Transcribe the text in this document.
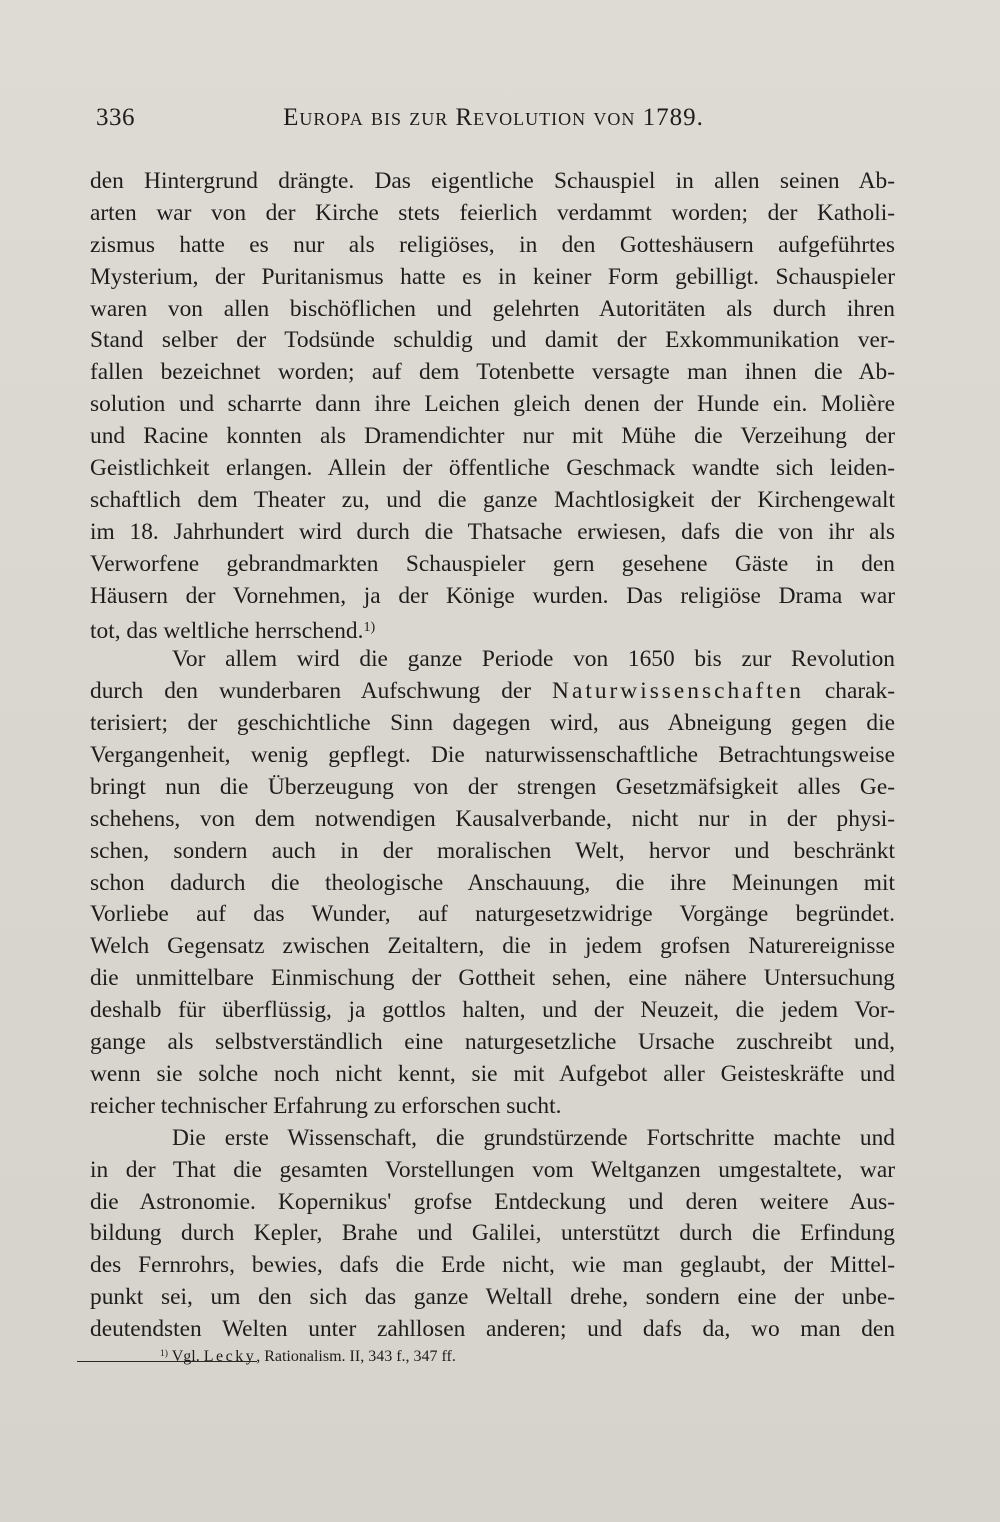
336	Europa bis zur Revolution von 1789.
den Hintergrund drängte. Das eigentliche Schauspiel in allen seinen Ab-
arten war von der Kirche stets feierlich verdammt worden; der Katholi-
zismus hatte es nur als religiöses, in den Gotteshäusern aufgeführtes
Mysterium, der Puritanismus hatte es in keiner Form gebilligt. Schauspieler
waren von allen bischöflichen und gelehrten Autoritäten als durch ihren
Stand selber der Todsünde schuldig und damit der Exkommunikation ver-
fallen bezeichnet worden; auf dem Totenbette versagte man ihnen die Ab-
solution und scharrte dann ihre Leichen gleich denen der Hunde ein. Molière
und Racine konnten als Dramendichter nur mit Mühe die Verzeihung der
Geistlichkeit erlangen. Allein der öffentliche Geschmack wandte sich leiden-
schaftlich dem Theater zu, und die ganze Machtlosigkeit der Kirchengewalt
im 18. Jahrhundert wird durch die Thatsache erwiesen, dafs die von ihr als
Verworfene gebrandmarkten Schauspieler gern gesehene Gäste in den
Häusern der Vornehmen, ja der Könige wurden. Das religiöse Drama war
tot, das weltliche herrschend.$^{1)}$
Vor allem wird die ganze Periode von 1650 bis zur Revolution
durch den wunderbaren Aufschwung der Naturwissenschaften charak-
terisiert; der geschichtliche Sinn dagegen wird, aus Abneigung gegen die
Vergangenheit, wenig gepflegt. Die naturwissenschaftliche Betrachtungsweise
bringt nun die Überzeugung von der strengen Gesetzmäfsigkeit alles Ge-
schehens, von dem notwendigen Kausalverbande, nicht nur in der physi-
schen, sondern auch in der moralischen Welt, hervor und beschränkt
schon dadurch die theologische Anschauung, die ihre Meinungen mit
Vorliebe auf das Wunder, auf naturgesetzwidrige Vorgänge begründet.
Welch Gegensatz zwischen Zeitaltern, die in jedem grofsen Naturereignisse
die unmittelbare Einmischung der Gottheit sehen, eine nähere Untersuchung
deshalb für überflüssig, ja gottlos halten, und der Neuzeit, die jedem Vor-
gange als selbstverständlich eine naturgesetzliche Ursache zuschreibt und,
wenn sie solche noch nicht kennt, sie mit Aufgebot aller Geisteskräfte und
reicher technischer Erfahrung zu erforschen sucht.
Die erste Wissenschaft, die grundstürzende Fortschritte machte und
in der That die gesamten Vorstellungen vom Weltganzen umgestaltete, war
die Astronomie. Kopernikus' grofse Entdeckung und deren weitere Aus-
bildung durch Kepler, Brahe und Galilei, unterstützt durch die Erfindung
des Fernrohrs, bewies, dafs die Erde nicht, wie man geglaubt, der Mittel-
punkt sei, um den sich das ganze Weltall drehe, sondern eine der unbe-
deutendsten Welten unter zahllosen anderen; und dafs da, wo man den
$^{1)}$ Vgl. Lecky, Rationalism. II, 343 f., 347 ff.
